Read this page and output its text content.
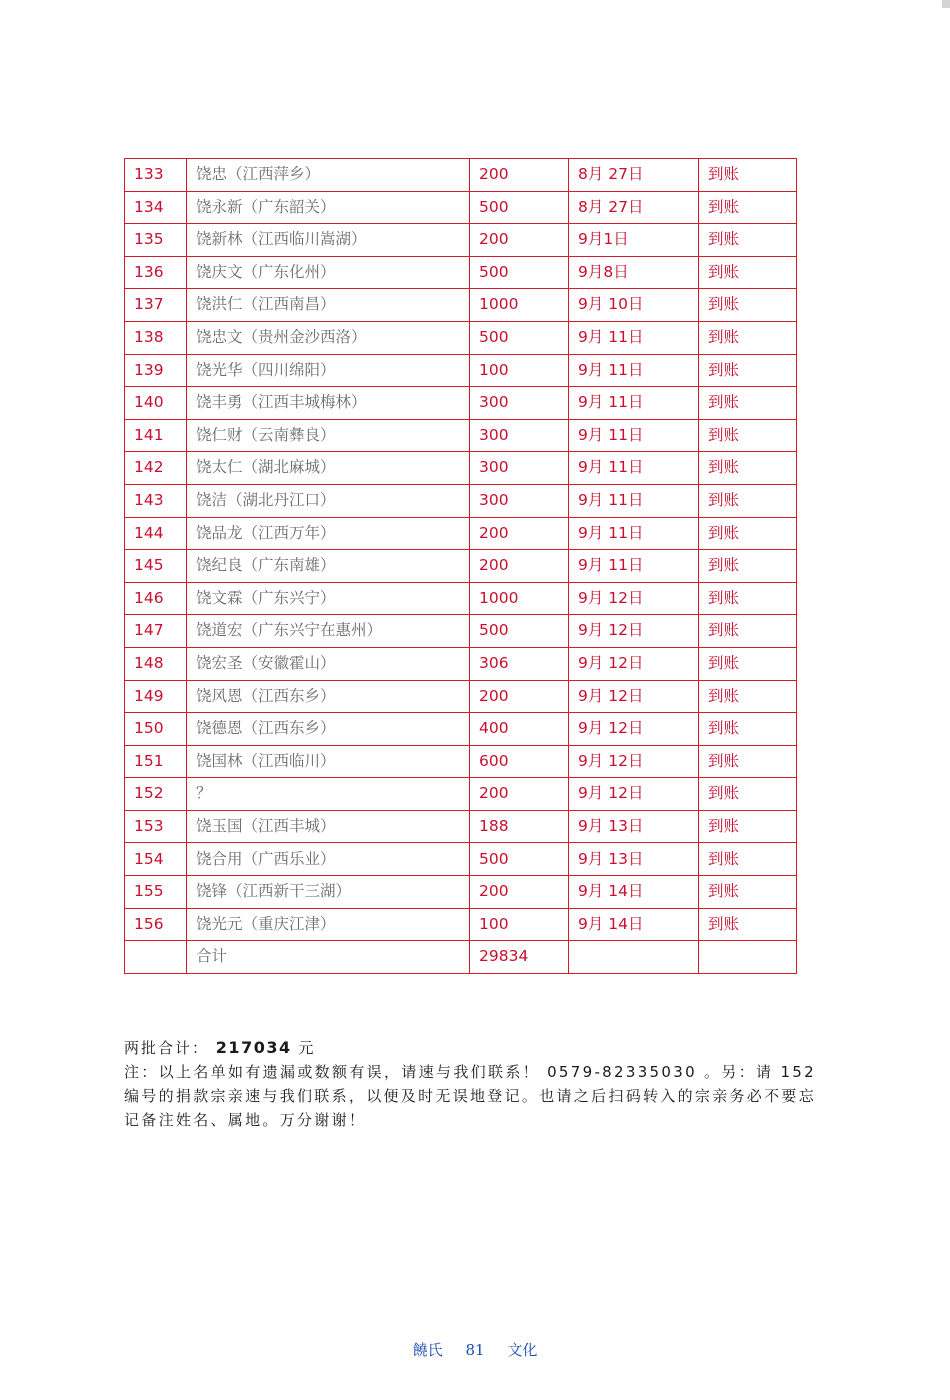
133	饶忠（江西萍乡）	200	8月 27日	到账
134	饶永新（广东韶关）	500	8月 27日	到账
135	饶新林（江西临川嵩湖）	200	9月1日	到账
136	饶庆文（广东化州）	500	9月8日	到账
137	饶洪仁（江西南昌）	1000	9月 10日	到账
138	饶忠文（贵州金沙西洛）	500	9月 11日	到账
139	饶光华（四川绵阳）	100	9月 11日	到账
140	饶丰勇（江西丰城梅林）	300	9月 11日	到账
141	饶仁财（云南彝良）	300	9月 11日	到账
142	饶太仁（湖北麻城）	300	9月 11日	到账
143	饶洁（湖北丹江口）	300	9月 11日	到账
144	饶品龙（江西万年）	200	9月 11日	到账
145	饶纪良（广东南雄）	200	9月 11日	到账
146	饶文霖（广东兴宁）	1000	9月 12日	到账
147	饶道宏（广东兴宁在惠州）	500	9月 12日	到账
148	饶宏圣（安徽霍山）	306	9月 12日	到账
149	饶风恩（江西东乡）	200	9月 12日	到账
150	饶德恩（江西东乡）	400	9月 12日	到账
151	饶国林（江西临川）	600	9月 12日	到账
152	？	200	9月 12日	到账
153	饶玉国（江西丰城）	188	9月 13日	到账
154	饶合用（广西乐业）	500	9月 13日	到账
155	饶锋（江西新干三湖）	200	9月 14日	到账
156	饶光元（重庆江津）	100	9月 14日	到账
	合计	29834		
两批合计： 217034 元
注：以上名单如有遗漏或数额有误，请速与我们联系！ 0579-82335030 。另：请 152 编号的捐款宗亲速与我们联系，以便及时无误地登记。也请之后扫码转入的宗亲务必不要忘记备注姓名、属地。万分谢谢！
饒氏 81 文化
